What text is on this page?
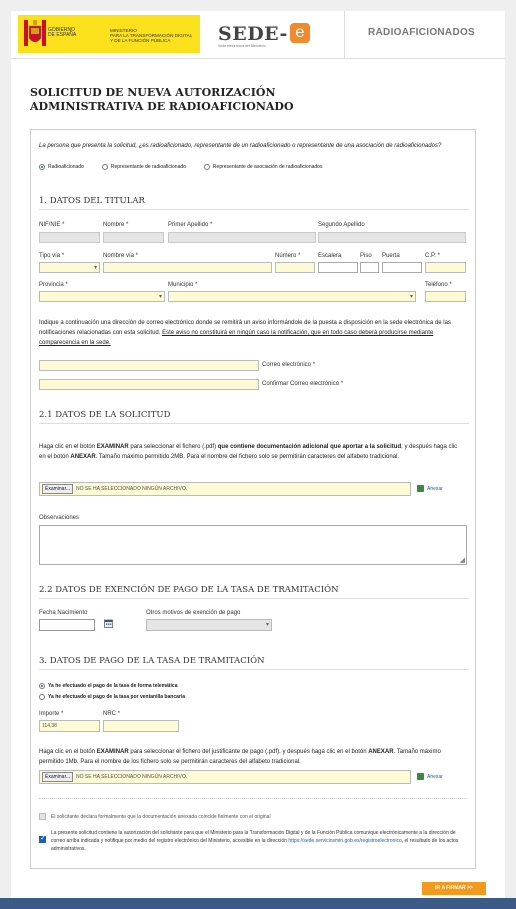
GOBIERNO
DE ESPAÑA
MINISTERIO
PARA LA TRANSFORMACIÓN DIGITAL
Y DE LA FUNCIÓN PÚBLICA	SEDE- e
Sede electrónica del Ministerio
RADIOAFICIONADOS
SOLICITUD DE NUEVA AUTORIZACIÓN ADMINISTRATIVA DE RADIOAFICIONADO
La persona que presenta la solicitud, ¿es radioaficionado, representante de un radioaficionado o representante de una asociación de radioaficionados?
Radioaficionado	Representante de radioaficionado	Representante de asociación de radioaficionados
1. DATOS DEL TITULAR
NIF/NIE *	Nombre *	Primer Apellido *	Segundo Apellido
Tipo vía *	Nombre vía *	Número *	Escalera	Piso Puerta	C.P. *
▾
Provincia *	Municipio *	Teléfono *
▾
▾
Indique a continuación una dirección de correo electrónico donde se remitirá un aviso informándole de la puesta a disposición en la sede electrónica de las notificaciones relacionadas con esta solicitud. Este aviso no constituirá en ningún caso la notificación, que en todo caso deberá producirse mediante comparecencia en la sede.
Correo electrónico *
Confirmar Correo electrónico *
2.1 DATOS DE LA SOLICITUD
Haga clic en el botón EXAMINAR para seleccionar el fichero (.pdf) que contiene documentación adicional que aportar a la solicitud, y después haga clic en el botón ANEXAR. Tamaño máximo permitido 2MB. Para el nombre del fichero solo se permitirán caracteres del alfabeto tradicional.
Examinar...	NO SE HA SELECCIONADO NINGÚN ARCHIVO.	Anexar
Observaciones
◢
2.2 DATOS DE EXENCIÓN DE PAGO DE LA TASA DE TRAMITACIÓN
Fecha Nacimiento	Otros motivos de exención de pago
▾
3. DATOS DE PAGO DE LA TASA DE TRAMITACIÓN
Ya he efectuado el pago de la tasa de forma telemática
Ya he efectuado el pago de la tasa por ventanilla bancaria
Importe *	NRC *
114,38
Haga clic en el botón EXAMINAR para seleccionar el fichero del justificante de pago (.pdf), y después haga clic en el botón ANEXAR. Tamaño máximo permitido 1Mb. Para el nombre de los fichero solo se permitirán caracteres del alfabeto tradicional.
Examinar...	NO SE HA SELECCIONADO NINGÚN ARCHIVO.	Anexar
El solicitante declara formalmente que la documentación anexada coincide fielmente con el original
✓
La presente solicitud contiene la autorización del solicitante para que el Ministerio para la Transformación Digital y de la Función Pública comunique electrónicamente a la dirección de correo arriba indicada y notifique por medio del registro electrónico del Ministerio, accesible en la dirección https://sede.serviciosmin.gob.es/registroelectronico, el resultado de los actos administrativos.
IR A FIRMAR >>
